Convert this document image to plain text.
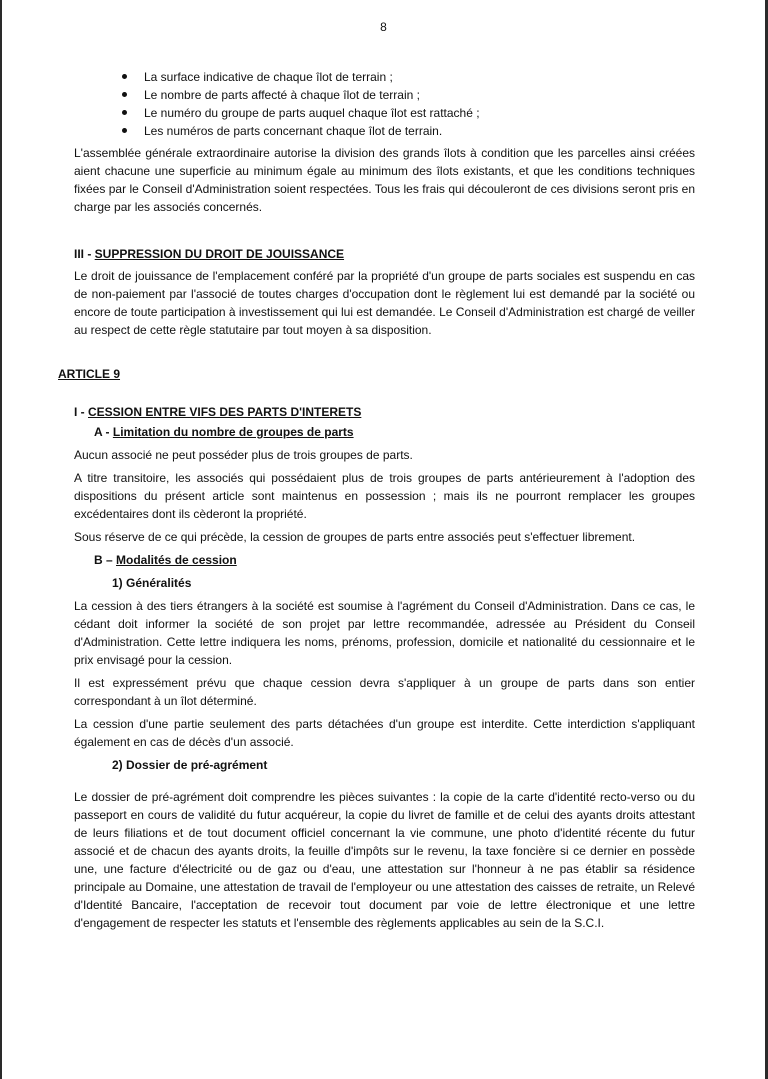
8
La surface indicative de chaque îlot de terrain ;
Le nombre de parts affecté à chaque îlot de terrain ;
Le numéro du groupe de parts auquel chaque îlot est rattaché ;
Les numéros de parts concernant chaque îlot de terrain.

L'assemblée générale extraordinaire autorise la division des grands îlots à condition que les parcelles ainsi créées aient chacune une superficie au minimum égale au minimum des îlots existants, et que les conditions techniques fixées par le Conseil d'Administration soient respectées. Tous les frais qui découleront de ces divisions seront pris en charge par les associés concernés.

III - SUPPRESSION DU DROIT DE JOUISSANCE

Le droit de jouissance de l'emplacement conféré par la propriété d'un groupe de parts sociales est suspendu en cas de non-paiement par l'associé de toutes charges d'occupation dont le règlement lui est demandé par la société ou encore de toute participation à investissement qui lui est demandée. Le Conseil d'Administration est chargé de veiller au respect de cette règle statutaire par tout moyen à sa disposition.

ARTICLE 9
I - CESSION ENTRE VIFS DES PARTS D'INTERETS
A - Limitation du nombre de groupes de parts

Aucun associé ne peut posséder plus de trois groupes de parts.

A titre transitoire, les associés qui possédaient plus de trois groupes de parts antérieurement à l'adoption des dispositions du présent article sont maintenus en possession ; mais ils ne pourront remplacer les groupes excédentaires dont ils cèderont la propriété.

Sous réserve de ce qui précède, la cession de groupes de parts entre associés peut s'effectuer librement.

B – Modalités de cession
1) Généralités

La cession à des tiers étrangers à la société est soumise à l'agrément du Conseil d'Administration. Dans ce cas, le cédant doit informer la société de son projet par lettre recommandée, adressée au Président du Conseil d'Administration. Cette lettre indiquera les noms, prénoms, profession, domicile et nationalité du cessionnaire et le prix envisagé pour la cession.

Il est expressément prévu que chaque cession devra s'appliquer à un groupe de parts dans son entier correspondant à un îlot déterminé.

La cession d'une partie seulement des parts détachées d'un groupe est interdite. Cette interdiction s'appliquant également en cas de décès d'un associé.

2) Dossier de pré-agrément

Le dossier de pré-agrément doit comprendre les pièces suivantes : la copie de la carte d'identité recto-verso ou du passeport en cours de validité du futur acquéreur, la copie du livret de famille et de celui des ayants droits attestant de leurs filiations et de tout document officiel concernant la vie commune, une photo d'identité récente du futur associé et de chacun des ayants droits, la feuille d'impôts sur le revenu, la taxe foncière si ce dernier en possède une, une facture d'électricité ou de gaz ou d'eau, une attestation sur l'honneur à ne pas établir sa résidence principale au Domaine, une attestation de travail de l'employeur ou une attestation des caisses de retraite, un Relevé d'Identité Bancaire, l'acceptation de recevoir tout document par voie de lettre électronique et une lettre d'engagement de respecter les statuts et l'ensemble des règlements applicables au sein de la S.C.I.
